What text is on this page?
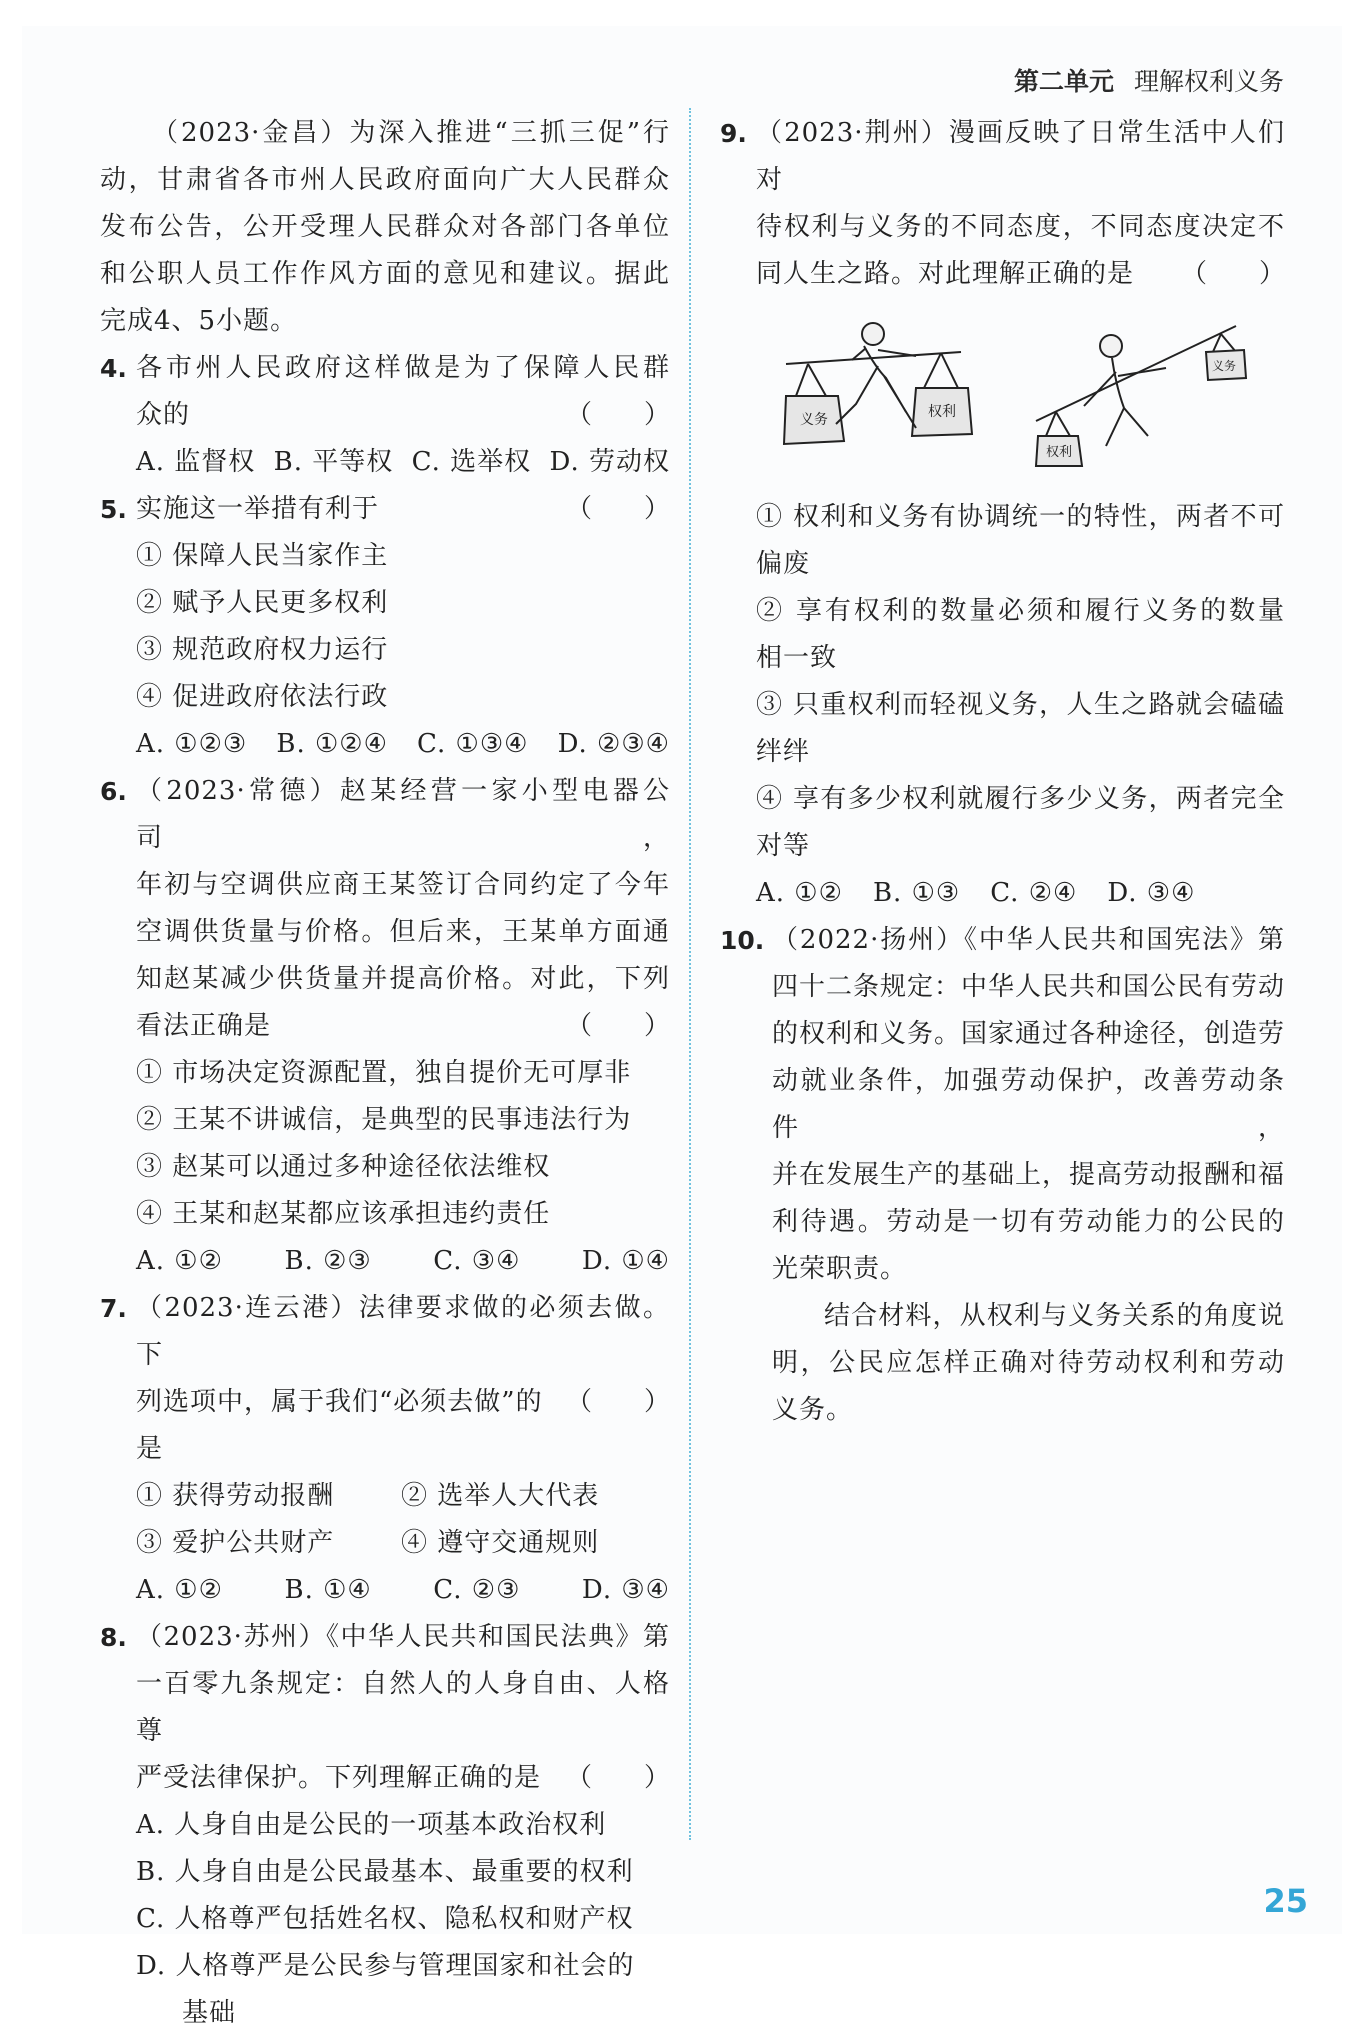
第二单元 理解权利义务

（2023·金昌）为深入推进“三抓三促”行

动，甘肃省各市州人民政府面向广大人民群众

发布公告，公开受理人民群众对各部门各单位

和公职人员工作作风方面的意见和建议。据此

完成4、5小题。

4. 各市州人民政府这样做是为了保障人民群

众的	（　　）
A. 监督权 B. 平等权 C. 选举权 D. 劳动权
5. 实施这一举措有利于	（　　）

① 保障人民当家作主

② 赋予人民更多权利

③ 规范政府权力运行

④ 促进政府依法行政

A. ①②③ B. ①②④ C. ①③④ D. ②③④
6. （2023·常德）赵某经营一家小型电器公司，

年初与空调供应商王某签订合同约定了今年

空调供货量与价格。但后来，王某单方面通

知赵某减少供货量并提高价格。对此，下列

看法正确是	（　　）

① 市场决定资源配置，独自提价无可厚非

② 王某不讲诚信，是典型的民事违法行为

③ 赵某可以通过多种途径依法维权

④ 王某和赵某都应该承担违约责任

A. ①② B. ②③ C. ③④ D. ①④
7. （2023·连云港）法律要求做的必须去做。下

列选项中，属于我们“必须去做”的是
（　　）
① 获得劳动报酬	② 选举人大代表
③ 爱护公共财产	④ 遵守交通规则
A. ①② B. ①④ C. ②③ D. ③④
8. （2023·苏州）《中华人民共和国民法典》第

一百零九条规定：自然人的人身自由、人格尊

严受法律保护。下列理解正确的是 （　　）

A. 人身自由是公民的一项基本政治权利

B. 人身自由是公民最基本、最重要的权利

C. 人格尊严包括姓名权、隐私权和财产权

D. 人格尊严是公民参与管理国家和社会的

基础

9. （2023·荆州）漫画反映了日常生活中人们对

待权利与义务的不同态度，不同态度决定不

同人生之路。对此理解正确的是 （　　）
义务	权利
权利
义务

① 权利和义务有协调统一的特性，两者不可

偏废

② 享有权利的数量必须和履行义务的数量

相一致

③ 只重权利而轻视义务，人生之路就会磕磕

绊绊

④ 享有多少权利就履行多少义务，两者完全

对等

A. ①② B. ①③ C. ②④ D. ③④
10. （2022·扬州）《中华人民共和国宪法》第

四十二条规定：中华人民共和国公民有劳动

的权利和义务。国家通过各种途径，创造劳

动就业条件，加强劳动保护，改善劳动条件，

并在发展生产的基础上，提高劳动报酬和福

利待遇。劳动是一切有劳动能力的公民的

光荣职责。

结合材料，从权利与义务关系的角度说

明，公民应怎样正确对待劳动权利和劳动

义务。

25
